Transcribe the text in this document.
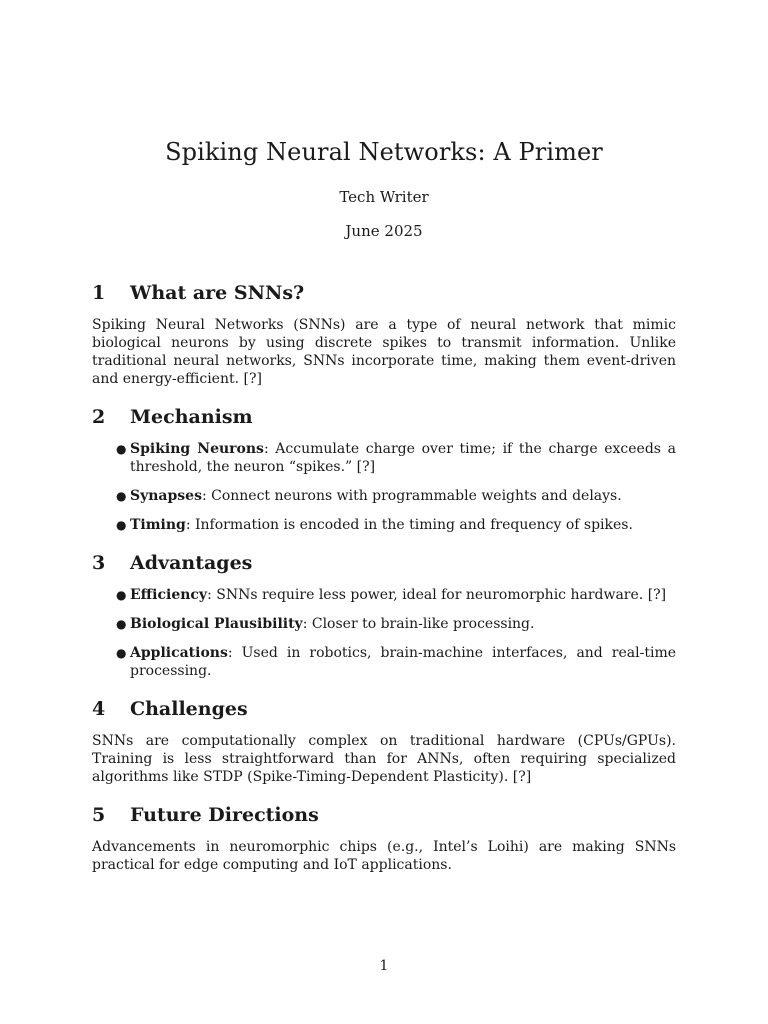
Spiking Neural Networks: A Primer
Tech Writer
June 2025
1	What are SNNs?

Spiking Neural Networks (SNNs) are a type of neural network that mimic biological neurons by using discrete spikes to transmit information. Unlike traditional neural networks, SNNs incorporate time, making them event-driven and energy-efficient. [?]

2	Mechanism
● Spiking Neurons: Accumulate charge over time; if the charge exceeds a threshold, the neuron “spikes.” [?]
● Synapses: Connect neurons with programmable weights and delays.
● Timing: Information is encoded in the timing and frequency of spikes.
3	Advantages
● Efficiency: SNNs require less power, ideal for neuromorphic hardware. [?]
● Biological Plausibility: Closer to brain-like processing.
● Applications: Used in robotics, brain-machine interfaces, and real-time processing.
4	Challenges

SNNs are computationally complex on traditional hardware (CPUs/GPUs). Training is less straightforward than for ANNs, often requiring specialized algorithms like STDP (Spike-Timing-Dependent Plasticity). [?]

5	Future Directions

Advancements in neuromorphic chips (e.g., Intel’s Loihi) are making SNNs practical for edge computing and IoT applications.

1
